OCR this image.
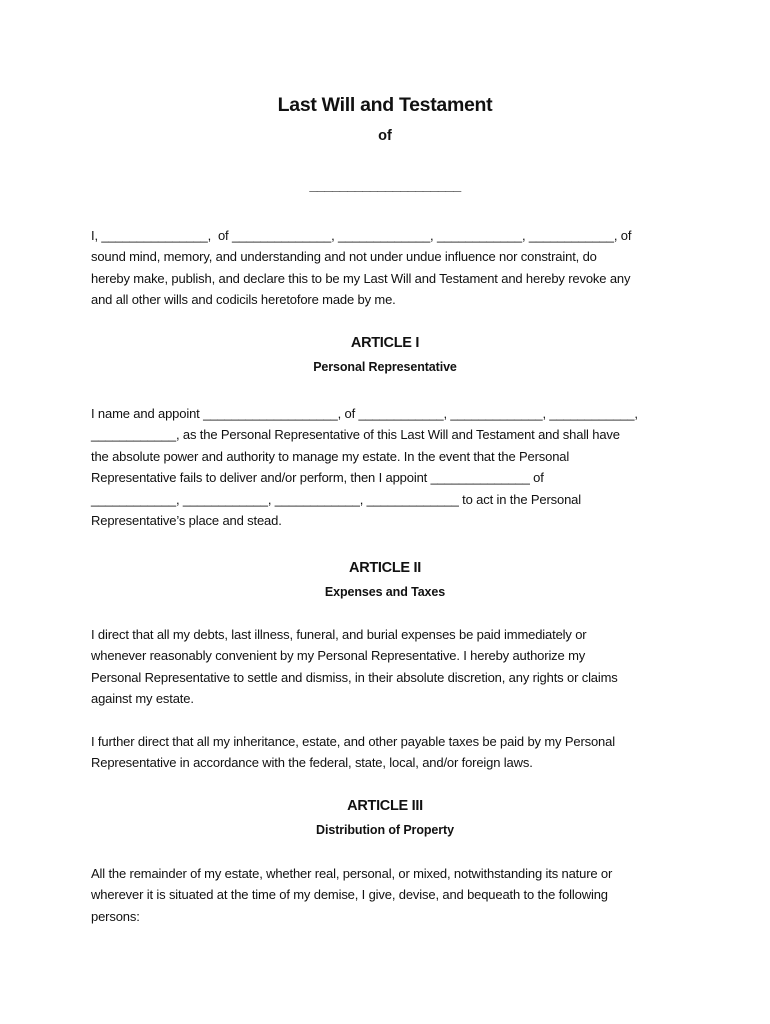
Last Will and Testament
of
____________________
I, _______________,  of ______________, _____________, ____________, ____________, of
sound mind, memory, and understanding and not under undue influence nor constraint, do
hereby make, publish, and declare this to be my Last Will and Testament and hereby revoke any
and all other wills and codicils heretofore made by me.
ARTICLE I
Personal Representative
I name and appoint ___________________, of ____________, _____________, ____________,
____________, as the Personal Representative of this Last Will and Testament and shall have
the absolute power and authority to manage my estate. In the event that the Personal
Representative fails to deliver and/or perform, then I appoint ______________ of
____________, ____________, ____________, _____________ to act in the Personal
Representative’s place and stead.
ARTICLE II
Expenses and Taxes
I direct that all my debts, last illness, funeral, and burial expenses be paid immediately or
whenever reasonably convenient by my Personal Representative. I hereby authorize my
Personal Representative to settle and dismiss, in their absolute discretion, any rights or claims
against my estate.
I further direct that all my inheritance, estate, and other payable taxes be paid by my Personal
Representative in accordance with the federal, state, local, and/or foreign laws.
ARTICLE III
Distribution of Property
All the remainder of my estate, whether real, personal, or mixed, notwithstanding its nature or
wherever it is situated at the time of my demise, I give, devise, and bequeath to the following
persons:
